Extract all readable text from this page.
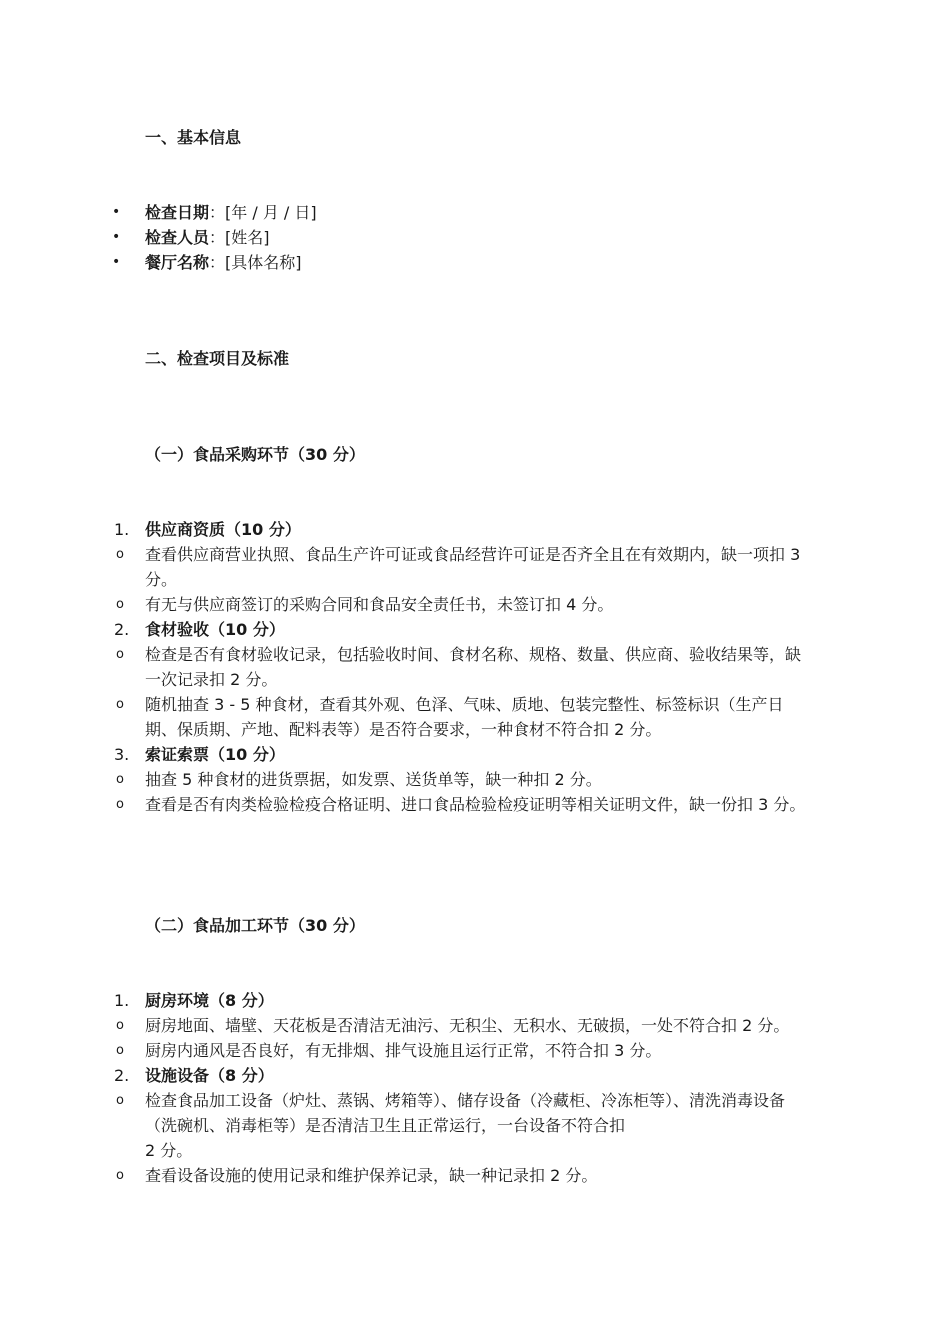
一、基本信息
•	检查日期：[年 / 月 / 日]
•	检查人员：[姓名]
•	餐厅名称：[具体名称]
二、检查项目及标准
（一）食品采购环节（30 分）
1. 供应商资质（10 分）
o	查看供应商营业执照、食品生产许可证或食品经营许可证是否齐全且在有效期内，缺一项扣 3 分。
o	有无与供应商签订的采购合同和食品安全责任书，未签订扣 4 分。
2. 食材验收（10 分）
o	检查是否有食材验收记录，包括验收时间、食材名称、规格、数量、供应商、验收结果等，缺一次记录扣 2 分。
o	随机抽查 3 - 5 种食材，查看其外观、色泽、气味、质地、包装完整性、标签标识（生产日期、保质期、产地、配料表等）是否符合要求，一种食材不符合扣 2 分。
3. 索证索票（10 分）
o	抽查 5 种食材的进货票据，如发票、送货单等，缺一种扣 2 分。
o	查看是否有肉类检验检疫合格证明、进口食品检验检疫证明等相关证明文件，缺一份扣 3 分。
（二）食品加工环节（30 分）
1. 厨房环境（8 分）
o	厨房地面、墙壁、天花板是否清洁无油污、无积尘、无积水、无破损，一处不符合扣 2 分。
o	厨房内通风是否良好，有无排烟、排气设施且运行正常，不符合扣 3 分。
2. 设施设备（8 分）
o	检查食品加工设备（炉灶、蒸锅、烤箱等）、储存设备（冷藏柜、冷冻柜等）、清洗消毒设备（洗碗机、消毒柜等）是否清洁卫生且正常运行，一台设备不符合扣
2 分。
o	查看设备设施的使用记录和维护保养记录，缺一种记录扣 2 分。
